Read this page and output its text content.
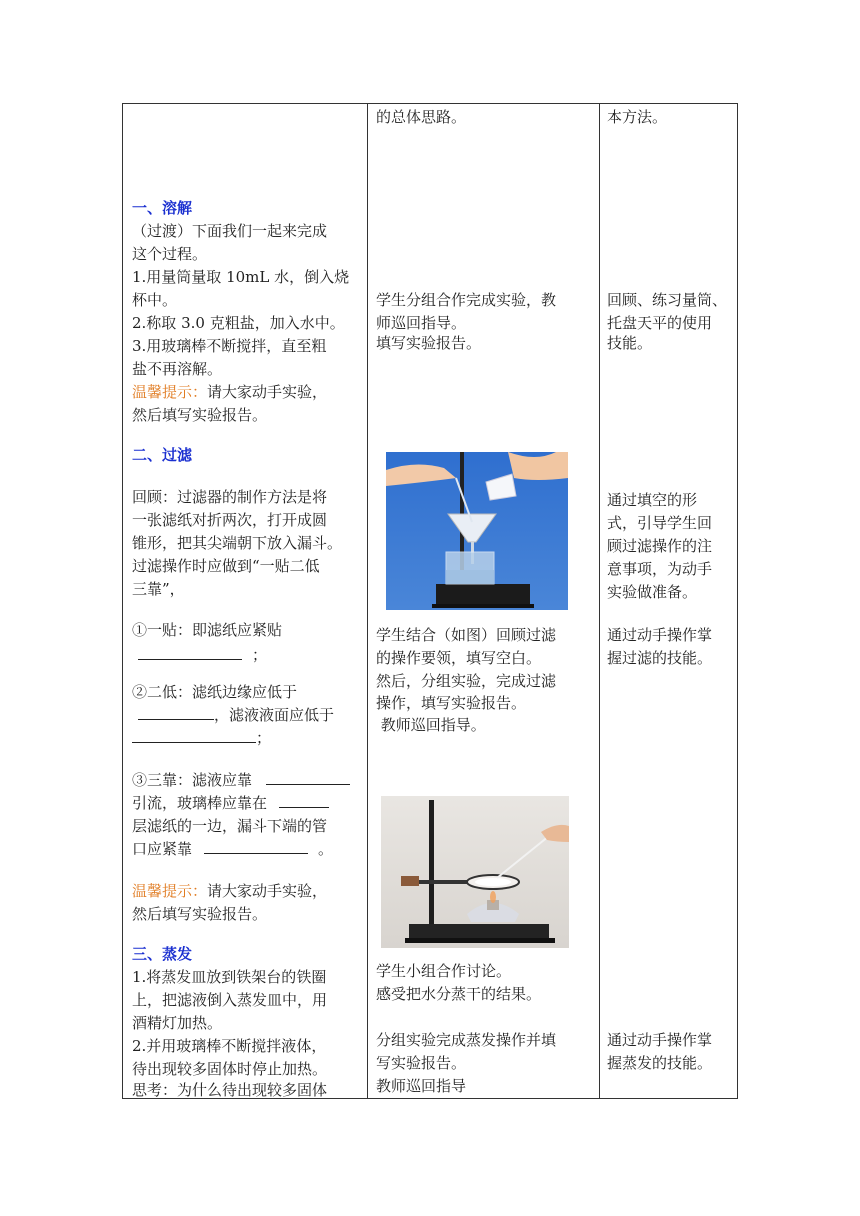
一、溶解
（过渡）下面我们一起来完成
这个过程。
1.用量筒量取 10mL 水，倒入烧
杯中。
2.称取 3.0 克粗盐，加入水中。
3.用玻璃棒不断搅拌，直至粗
盐不再溶解。
温馨提示：请大家动手实验，
然后填写实验报告。
二、过滤
回顾：过滤器的制作方法是将
一张滤纸对折两次，打开成圆
锥形，把其尖端朝下放入漏斗。
过滤操作时应做到“一贴二低
三靠”，
①一贴：即滤纸应紧贴
；
②二低：滤纸边缘应低于
，滤液液面应低于
；
③三靠：滤液应靠
引流，玻璃棒应靠在
层滤纸的一边，漏斗下端的管
口应紧靠	。
温馨提示：请大家动手实验，
然后填写实验报告。
三、蒸发
1.将蒸发皿放到铁架台的铁圈
上，把滤液倒入蒸发皿中，用
酒精灯加热。
2.并用玻璃棒不断搅拌液体，
待出现较多固体时停止加热。
思考：为什么待出现较多固体
的总体思路。
学生分组合作完成实验，教
师巡回指导。
填写实验报告。
学生结合（如图）回顾过滤
的操作要领，填写空白。
然后，分组实验，完成过滤
操作，填写实验报告。
教师巡回指导。
学生小组合作讨论。
感受把水分蒸干的结果。
分组实验完成蒸发操作并填
写实验报告。
教师巡回指导
本方法。
回顾、练习量筒、
托盘天平的使用
技能。
通过填空的形
式，引导学生回
顾过滤操作的注
意事项，为动手
实验做准备。
通过动手操作掌
握过滤的技能。
通过动手操作掌
握蒸发的技能。
